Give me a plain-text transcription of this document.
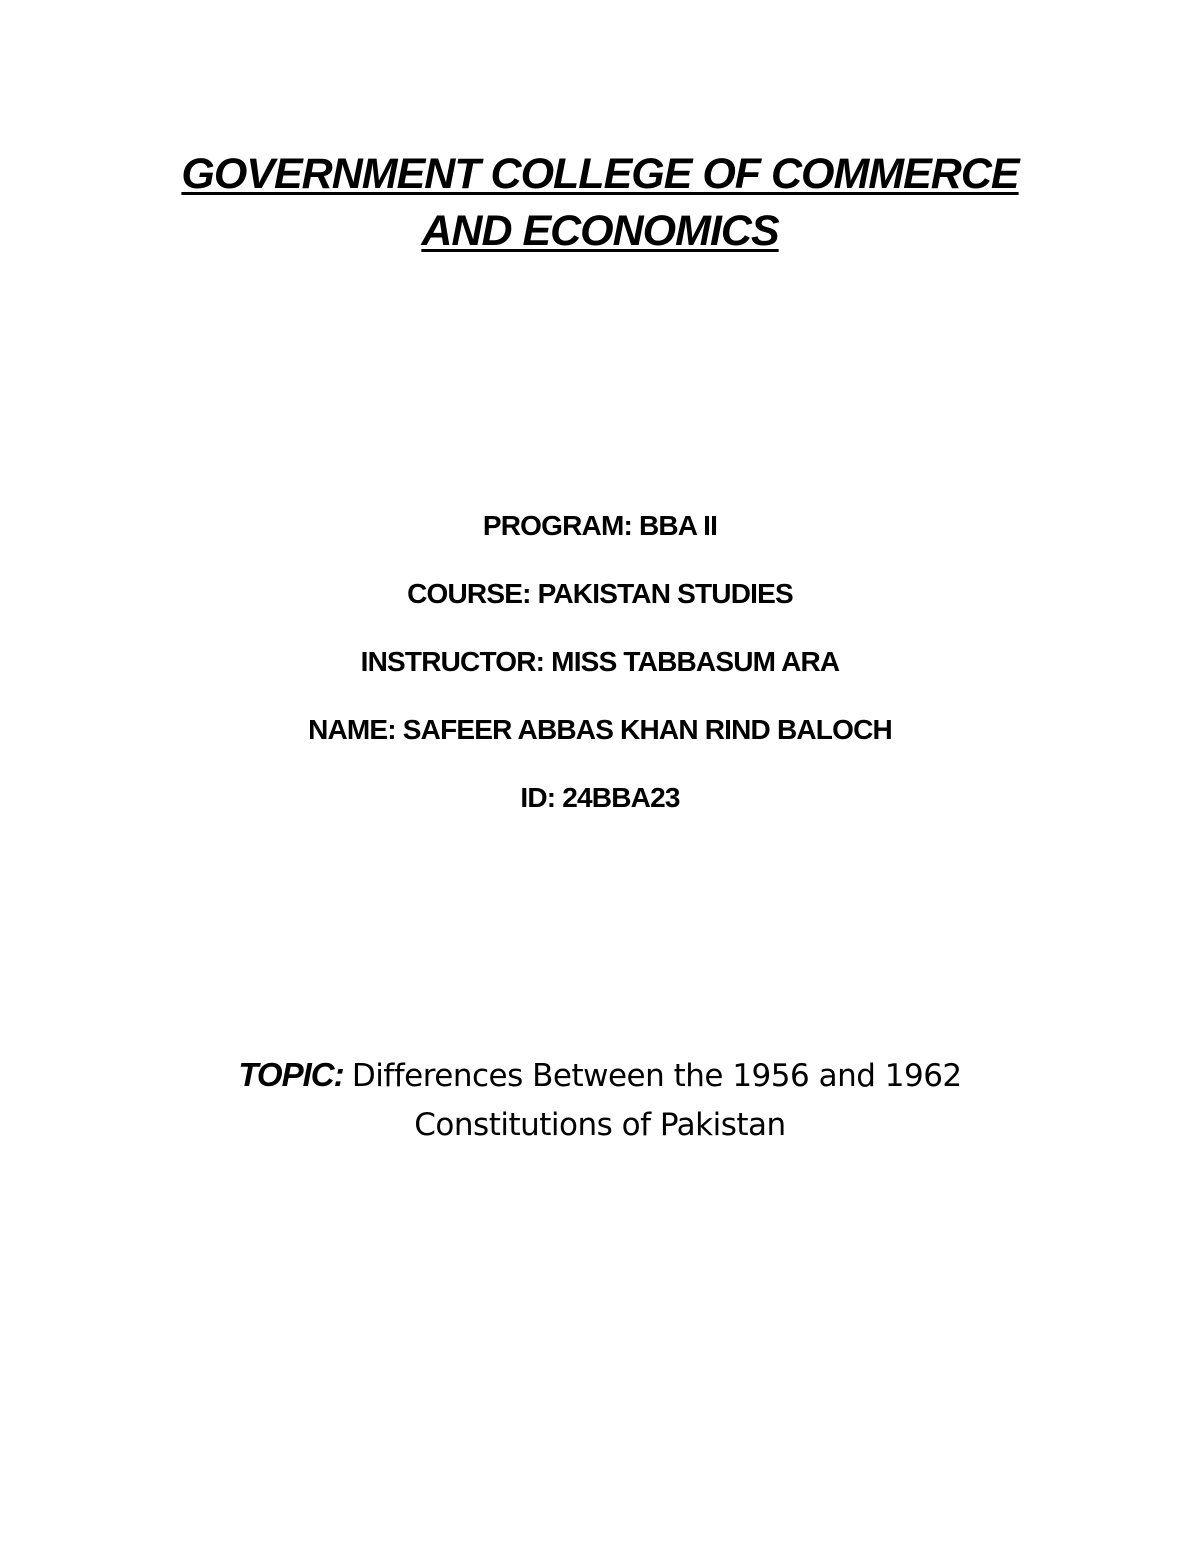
GOVERNMENT COLLEGE OF COMMERCE
AND ECONOMICS
PROGRAM: BBA II
COURSE: PAKISTAN STUDIES
INSTRUCTOR: MISS TABBASUM ARA
NAME: SAFEER ABBAS KHAN RIND BALOCH
ID: 24BBA23
TOPIC: Differences Between the 1956 and 1962
Constitutions of Pakistan
